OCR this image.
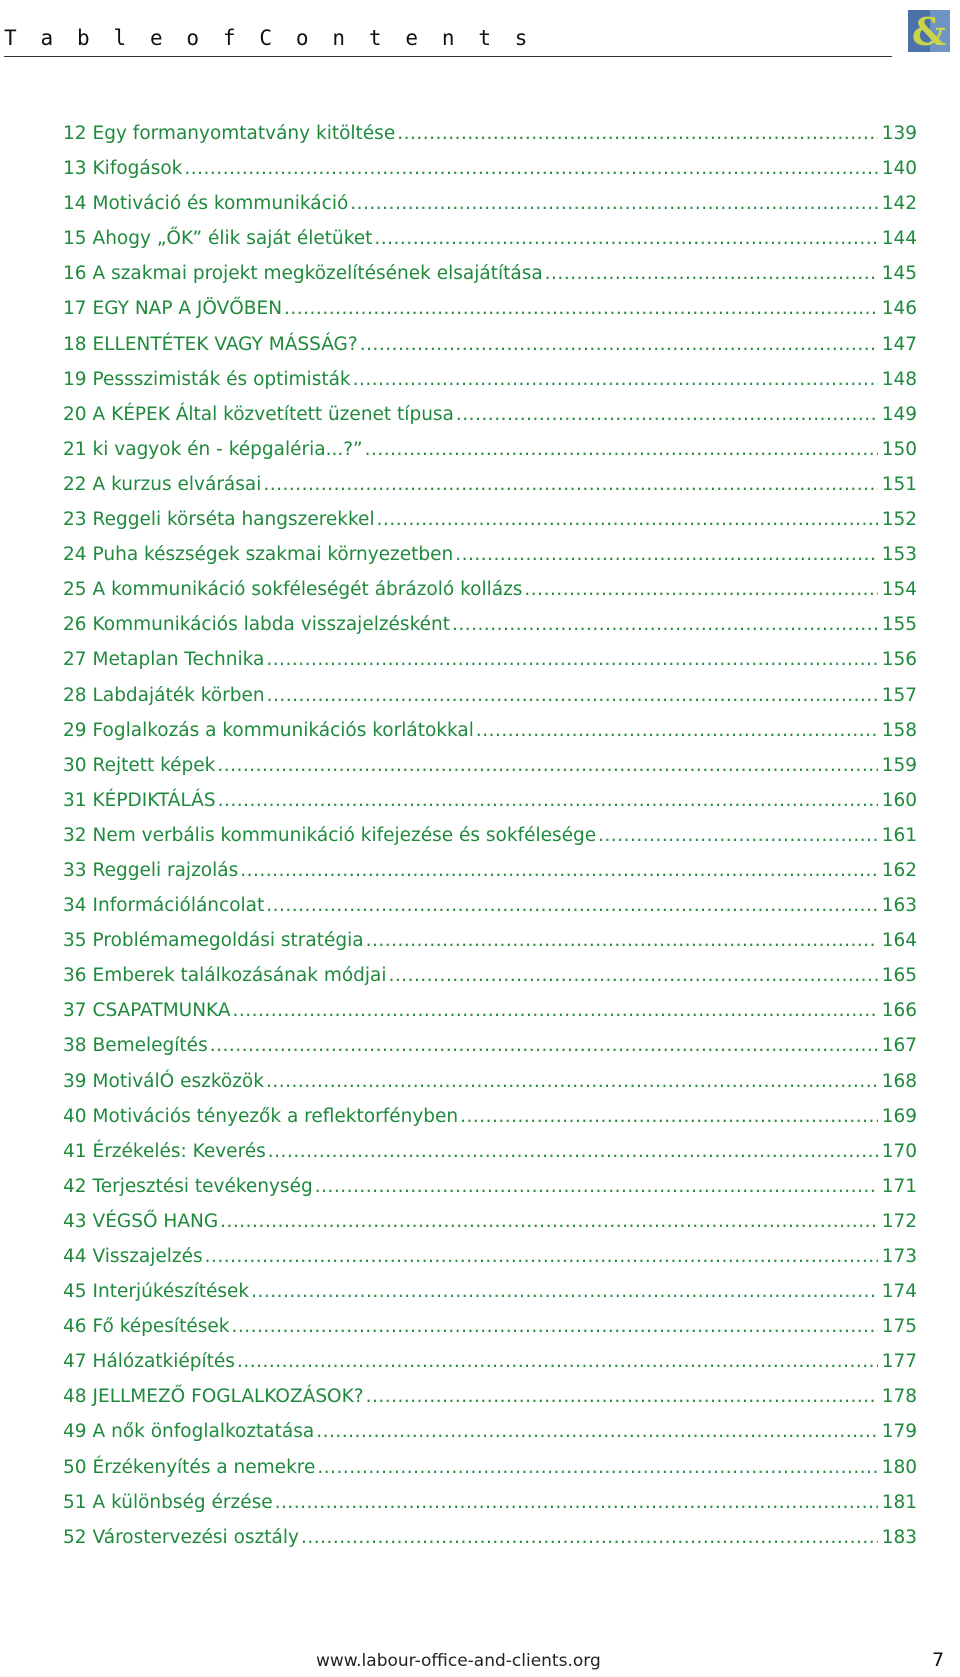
T a b l e o f C o n t e n t s	&
12 Egy formanyomtatvány kitöltése .....	139
13 Kifogások .....	140
14 Motiváció és kommunikáció .....	142
15 Ahogy „ŐK” élik saját életüket .....	144
16 A szakmai projekt megközelítésének elsajátítása .....	145
17 EGY NAP A JÖVŐBEN .....	146
18 ELLENTÉTEK VAGY MÁSSÁG? .....	147
19 Pessszimisták és optimisták .....	148
20 A KÉPEK Által közvetített üzenet típusa .....	149
21 ki vagyok én - képgaléria...?” .....	150
22 A kurzus elvárásai .....	151
23 Reggeli körséta hangszerekkel .....	152
24 Puha készségek szakmai környezetben .....	153
25 A kommunikáció sokféleségét ábrázoló kollázs .....	154
26 Kommunikációs labda visszajelzésként .....	155
27 Metaplan Technika .....	156
28 Labdajáték körben .....	157
29 Foglalkozás a kommunikációs korlátokkal .....	158
30 Rejtett képek .....	159
31 KÉPDIKTÁLÁS .....	160
32 Nem verbális kommunikáció kifejezése és sokfélesége .....	161
33 Reggeli rajzolás .....	162
34 Információláncolat .....	163
35 Problémamegoldási stratégia .....	164
36 Emberek találkozásának módjai .....	165
37 CSAPATMUNKA .....	166
38 Bemelegítés .....	167
39 MotiválÓ eszközök .....	168
40 Motivációs tényezők a reflektorfényben .....	169
41 Érzékelés: Keverés .....	170
42 Terjesztési tevékenység .....	171
43 VÉGSŐ HANG .....	172
44 Visszajelzés .....	173
45 Interjúkészítések .....	174
46 Fő képesítések .....	175
47 Hálózatkiépítés .....	177
48 JELLMEZŐ FOGLALKOZÁSOK? .....	178
49 A nők önfoglalkoztatása .....	179
50 Érzékenyítés a nemekre .....	180
51 A különbség érzése .....	181
52 Várostervezési osztály .....	183
www.labour-office-and-clients.org	7
